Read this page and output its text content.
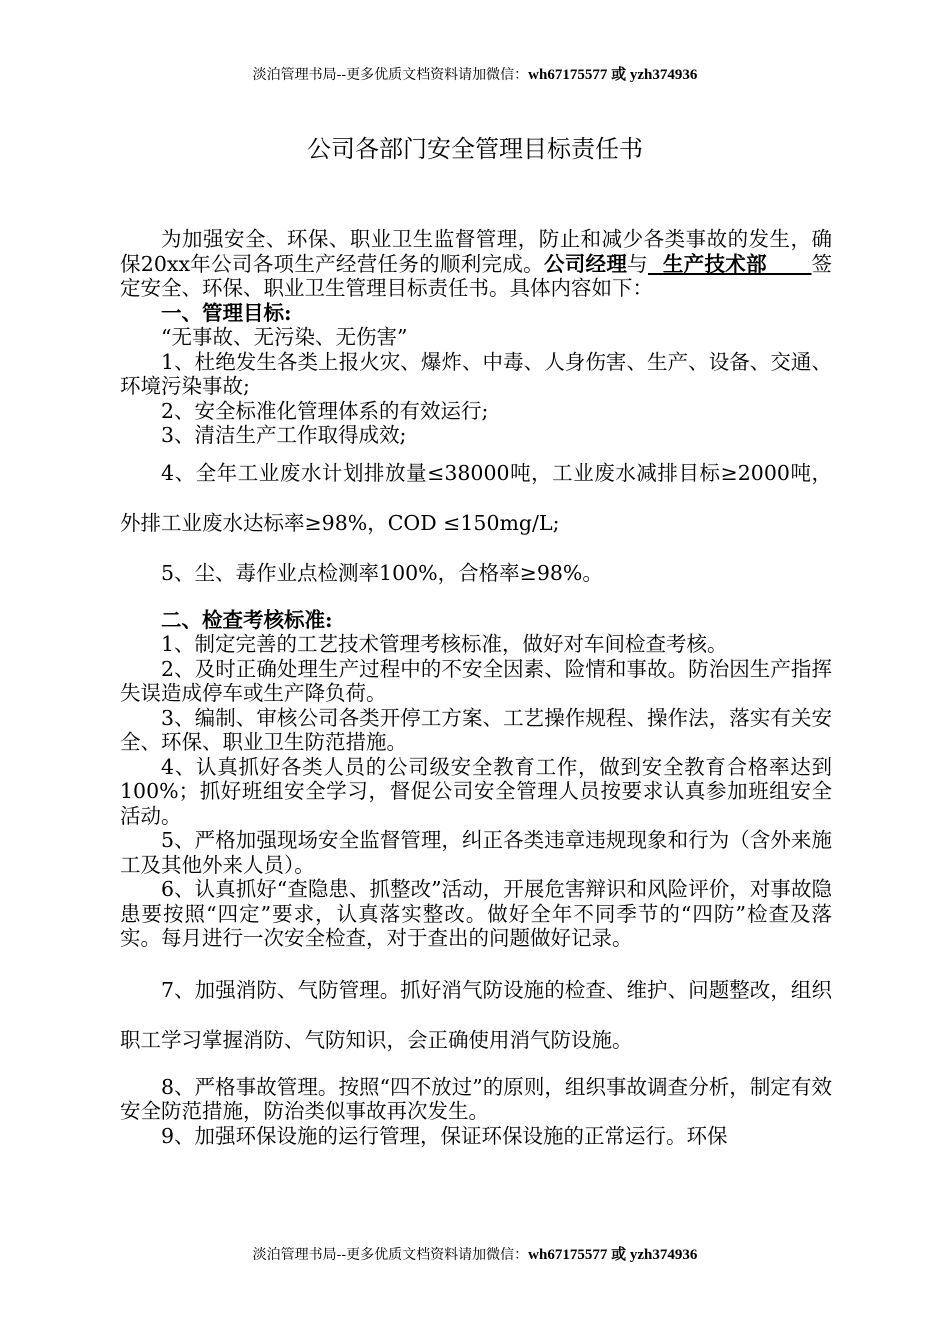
淡泊管理书局--更多优质文档资料请加微信：wh67175577 或 yzh374936
公司各部门安全管理目标责任书

为加强安全、环保、职业卫生监督管理，防止和减少各类事故的发生，确保20xx年公司各项生产经营任务的顺利完成。公司经理与  生产技术部      签定安全、环保、职业卫生管理目标责任书。具体内容如下：

一、管理目标:

“无事故、无污染、无伤害”

1、杜绝发生各类上报火灾、爆炸、中毒、人身伤害、生产、设备、交通、环境污染事故;

2、安全标准化管理体系的有效运行;

3、清洁生产工作取得成效;

4、全年工业废水计划排放量≤38000吨，工业废水减排目标≥2000吨，外排工业废水达标率≥98%，COD ≤150mg/L;

5、尘、毒作业点检测率100%，合格率≥98%。

二、检查考核标准:

1、制定完善的工艺技术管理考核标准，做好对车间检查考核。

2、及时正确处理生产过程中的不安全因素、险情和事故。防治因生产指挥失误造成停车或生产降负荷。

3、编制、审核公司各类开停工方案、工艺操作规程、操作法，落实有关安全、环保、职业卫生防范措施。

4、认真抓好各类人员的公司级安全教育工作，做到安全教育合格率达到100%；抓好班组安全学习，督促公司安全管理人员按要求认真参加班组安全活动。

5、严格加强现场安全监督管理，纠正各类违章违规现象和行为（含外来施工及其他外来人员）。

6、认真抓好“查隐患、抓整改”活动，开展危害辩识和风险评价，对事故隐患要按照“四定”要求，认真落实整改。做好全年不同季节的“四防”检查及落实。每月进行一次安全检查，对于查出的问题做好记录。

7、加强消防、气防管理。抓好消气防设施的检查、维护、问题整改，组织职工学习掌握消防、气防知识，会正确使用消气防设施。

8、严格事故管理。按照“四不放过”的原则，组织事故调查分析，制定有效安全防范措施，防治类似事故再次发生。

9、加强环保设施的运行管理，保证环保设施的正常运行。环保

淡泊管理书局--更多优质文档资料请加微信：wh67175577 或 yzh374936
